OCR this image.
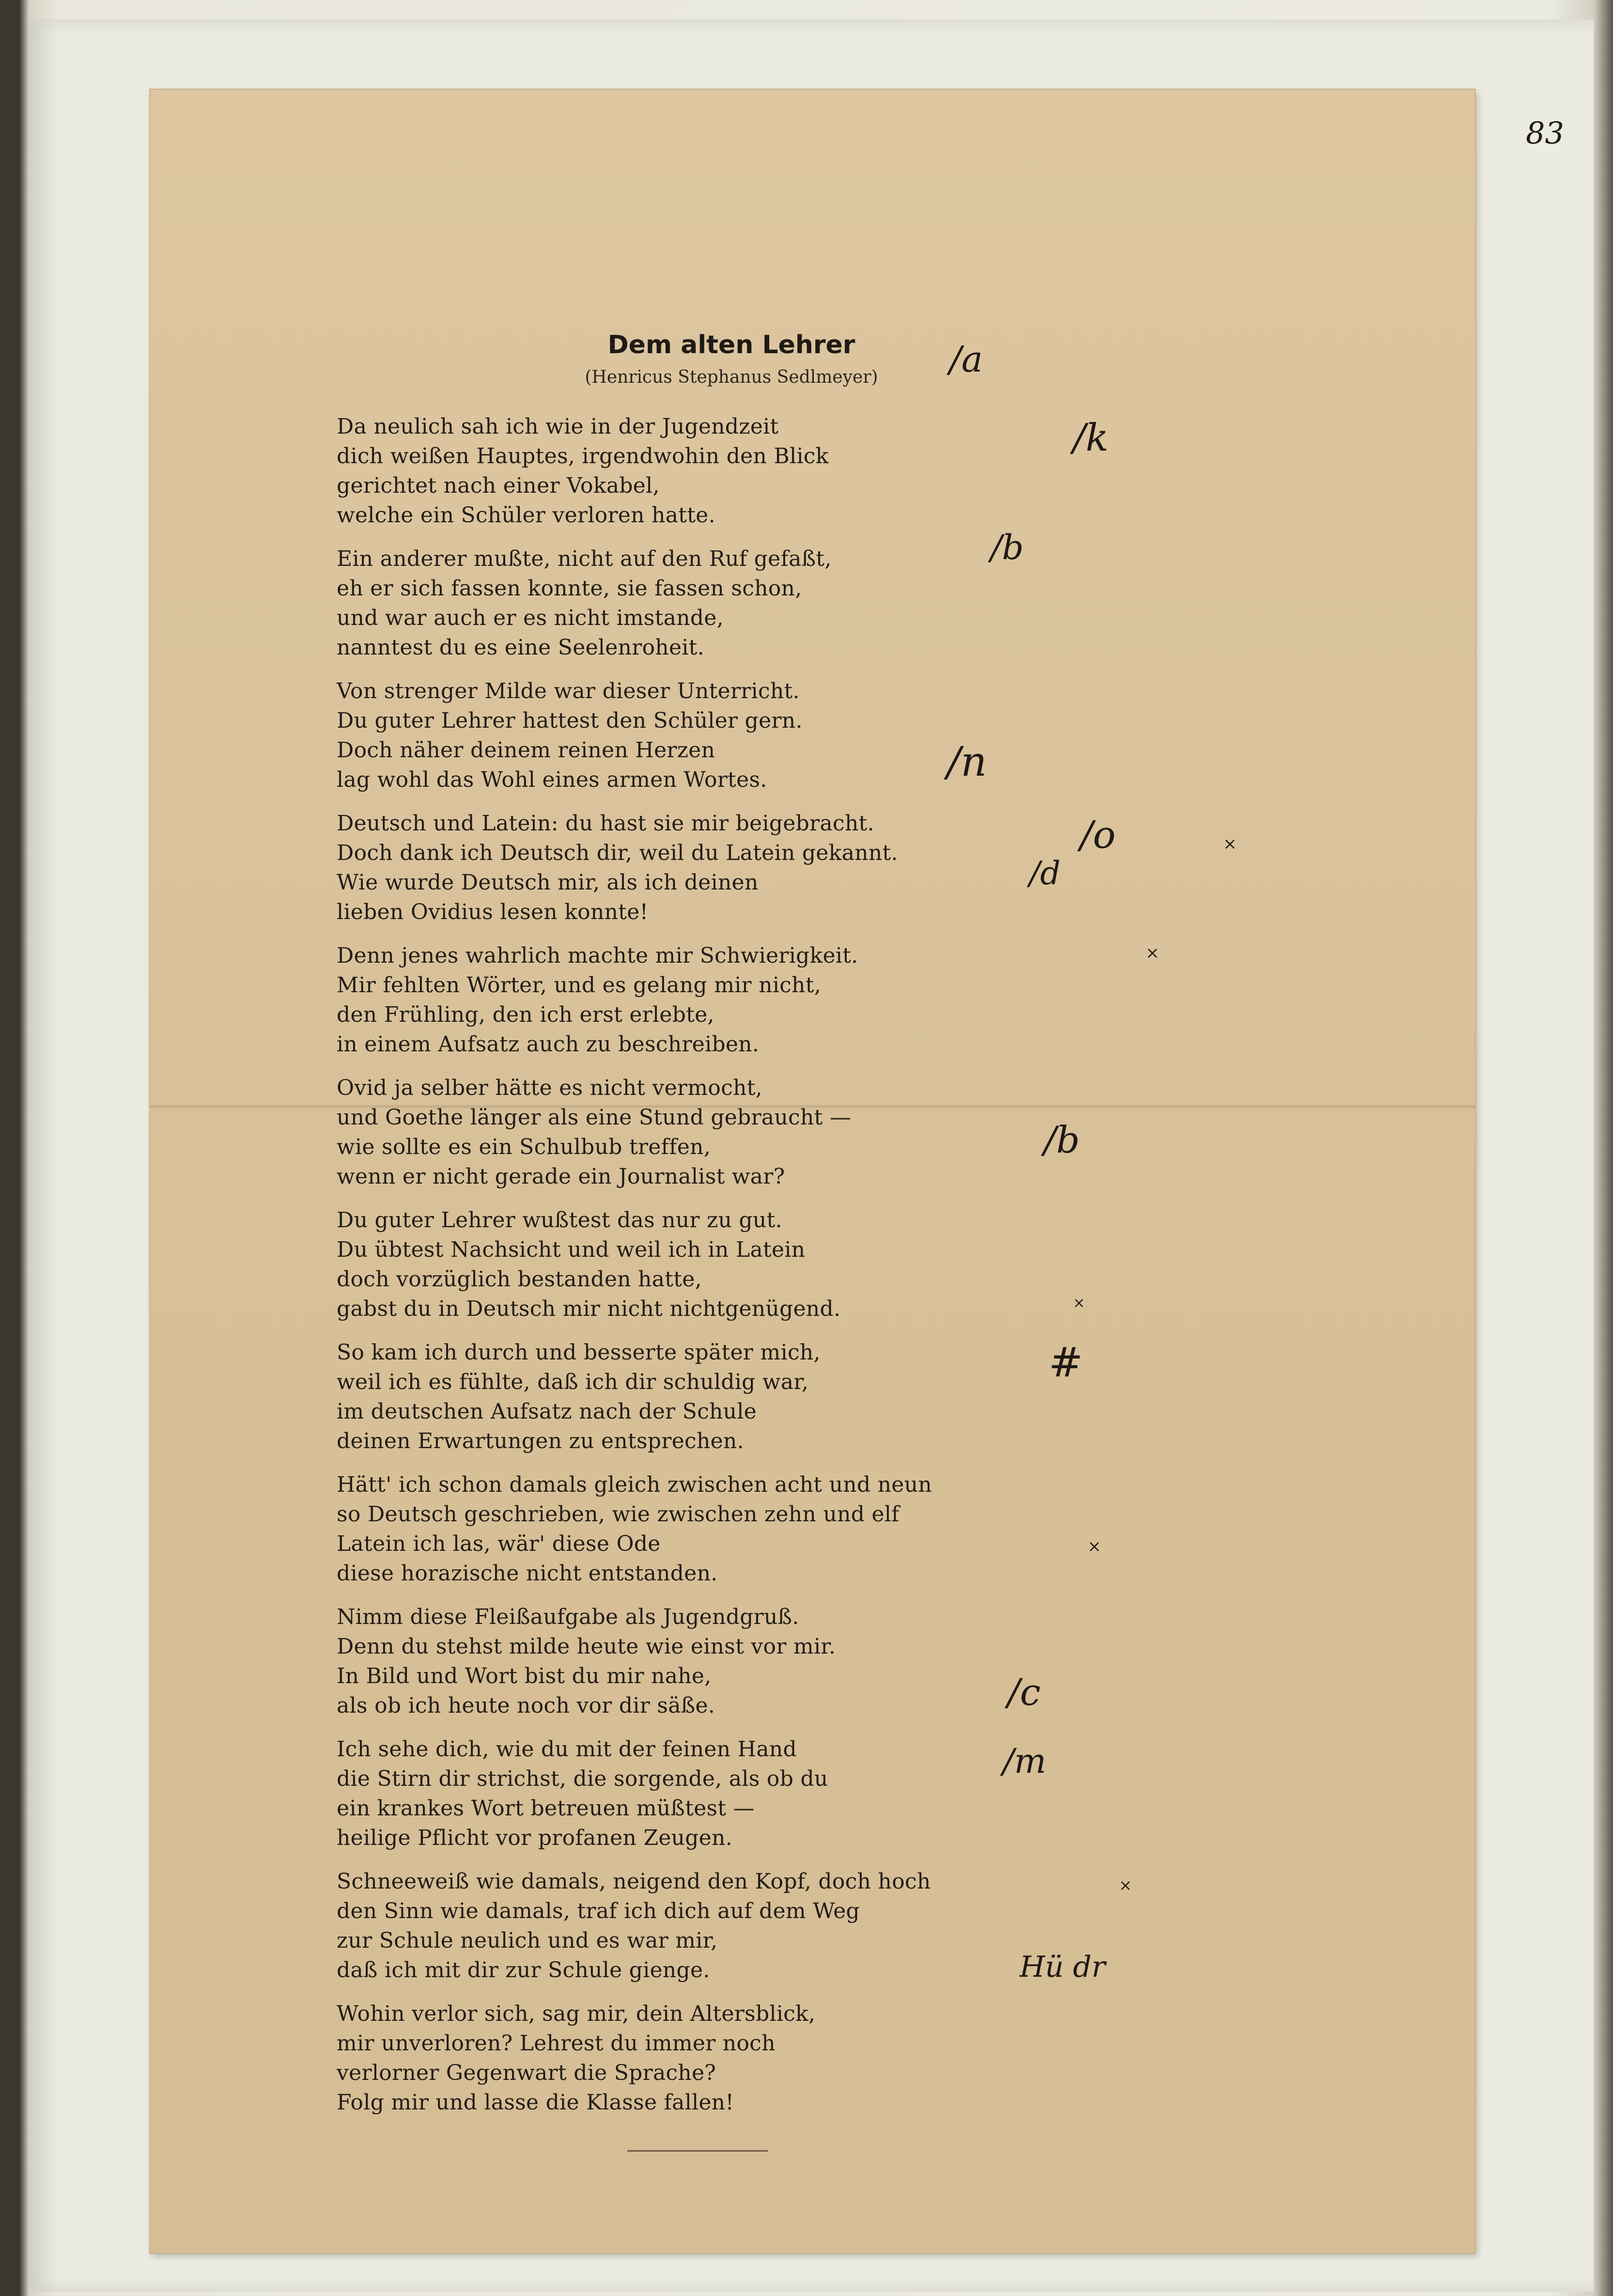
83
Dem alten Lehrer
(Henricus Stephanus Sedlmeyer)
Da neulich sah ich wie in der Jugendzeit
dich weißen Hauptes, irgendwohin den Blick
gerichtet nach einer Vokabel,
welche ein Schüler verloren hatte.
Ein anderer mußte, nicht auf den Ruf gefaßt,
eh er sich fassen konnte, sie fassen schon,
und war auch er es nicht imstande,
nanntest du es eine Seelenroheit.
Von strenger Milde war dieser Unterricht.
Du guter Lehrer hattest den Schüler gern.
Doch näher deinem reinen Herzen
lag wohl das Wohl eines armen Wortes.
Deutsch und Latein: du hast sie mir beigebracht.
Doch dank ich Deutsch dir, weil du Latein gekannt.
Wie wurde Deutsch mir, als ich deinen
lieben Ovidius lesen konnte!
Denn jenes wahrlich machte mir Schwierigkeit.
Mir fehlten Wörter, und es gelang mir nicht,
den Frühling, den ich erst erlebte,
in einem Aufsatz auch zu beschreiben.
Ovid ja selber hätte es nicht vermocht,
und Goethe länger als eine Stund gebraucht —
wie sollte es ein Schulbub treffen,
wenn er nicht gerade ein Journalist war?
Du guter Lehrer wußtest das nur zu gut.
Du übtest Nachsicht und weil ich in Latein
doch vorzüglich bestanden hatte,
gabst du in Deutsch mir nicht nichtgenügend.
So kam ich durch und besserte später mich,
weil ich es fühlte, daß ich dir schuldig war,
im deutschen Aufsatz nach der Schule
deinen Erwartungen zu entsprechen.
Hätt' ich schon damals gleich zwischen acht und neun
so Deutsch geschrieben, wie zwischen zehn und elf
Latein ich las, wär' diese Ode
diese horazische nicht entstanden.
Nimm diese Fleißaufgabe als Jugendgruß.
Denn du stehst milde heute wie einst vor mir.
In Bild und Wort bist du mir nahe,
als ob ich heute noch vor dir säße.
Ich sehe dich, wie du mit der feinen Hand
die Stirn dir strichst, die sorgende, als ob du
ein krankes Wort betreuen müßtest —
heilige Pflicht vor profanen Zeugen.
Schneeweiß wie damals, neigend den Kopf, doch hoch
den Sinn wie damals, traf ich dich auf dem Weg
zur Schule neulich und es war mir,
daß ich mit dir zur Schule gienge.
Wohin verlor sich, sag mir, dein Altersblick,
mir unverloren? Lehrest du immer noch
verlorner Gegenwart die Sprache?
Folg mir und lasse die Klasse fallen!
/a
/k
/b
/n
/o
/d
/b
#
/c
/m
Hü dr
×
×
×
×
×
